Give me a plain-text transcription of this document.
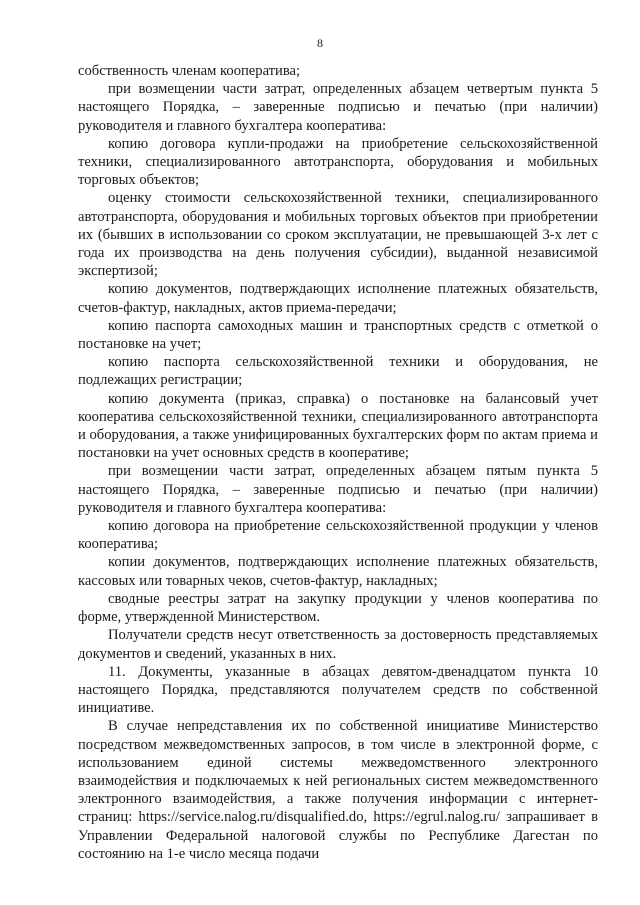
8

собственность членам кооператива;

при возмещении части затрат, определенных абзацем четвертым пункта 5 настоящего Порядка, – заверенные подписью и печатью (при наличии) руководителя и главного бухгалтера кооператива:

копию договора купли-продажи на приобретение сельскохозяйственной техники, специализированного автотранспорта, оборудования и мобильных торговых объектов;

оценку стоимости сельскохозяйственной техники, специализированного автотранспорта, оборудования и мобильных торговых объектов при приобретении их (бывших в использовании со сроком эксплуатации, не превышающей 3-х лет с года их производства на день получения субсидии), выданной независимой экспертизой;

копию документов, подтверждающих исполнение платежных обязательств, счетов-фактур, накладных, актов приема-передачи;

копию паспорта самоходных машин и транспортных средств с отметкой о постановке на учет;

копию паспорта сельскохозяйственной техники и оборудования, не подлежащих регистрации;

копию документа (приказ, справка) о постановке на балансовый учет кооператива сельскохозяйственной техники, специализированного автотранспорта и оборудования, а также унифицированных бухгалтерских форм по актам приема и постановки на учет основных средств в кооперативе;

при возмещении части затрат, определенных абзацем пятым пункта 5 настоящего Порядка, – заверенные подписью и печатью (при наличии) руководителя и главного бухгалтера кооператива:

копию договора на приобретение сельскохозяйственной продукции у членов кооператива;

копии документов, подтверждающих исполнение платежных обязательств, кассовых или товарных чеков, счетов-фактур, накладных;

сводные реестры затрат на закупку продукции у членов кооператива по форме, утвержденной Министерством.

Получатели средств несут ответственность за достоверность представляемых документов и сведений, указанных в них.

11. Документы, указанные в абзацах девятом-двенадцатом пункта 10 настоящего Порядка, представляются получателем средств по собственной инициативе.

В случае непредставления их по собственной инициативе Министерство посредством межведомственных запросов, в том числе в электронной форме, с использованием единой системы межведомственного электронного взаимодействия и подключаемых к ней региональных систем межведомственного электронного взаимодействия, а также получения информации с интернет-страниц: https://service.nalog.ru/disqualified.do, https://egrul.nalog.ru/ запрашивает в Управлении Федеральной налоговой службы по Республике Дагестан по состоянию на 1-е число месяца подачи
